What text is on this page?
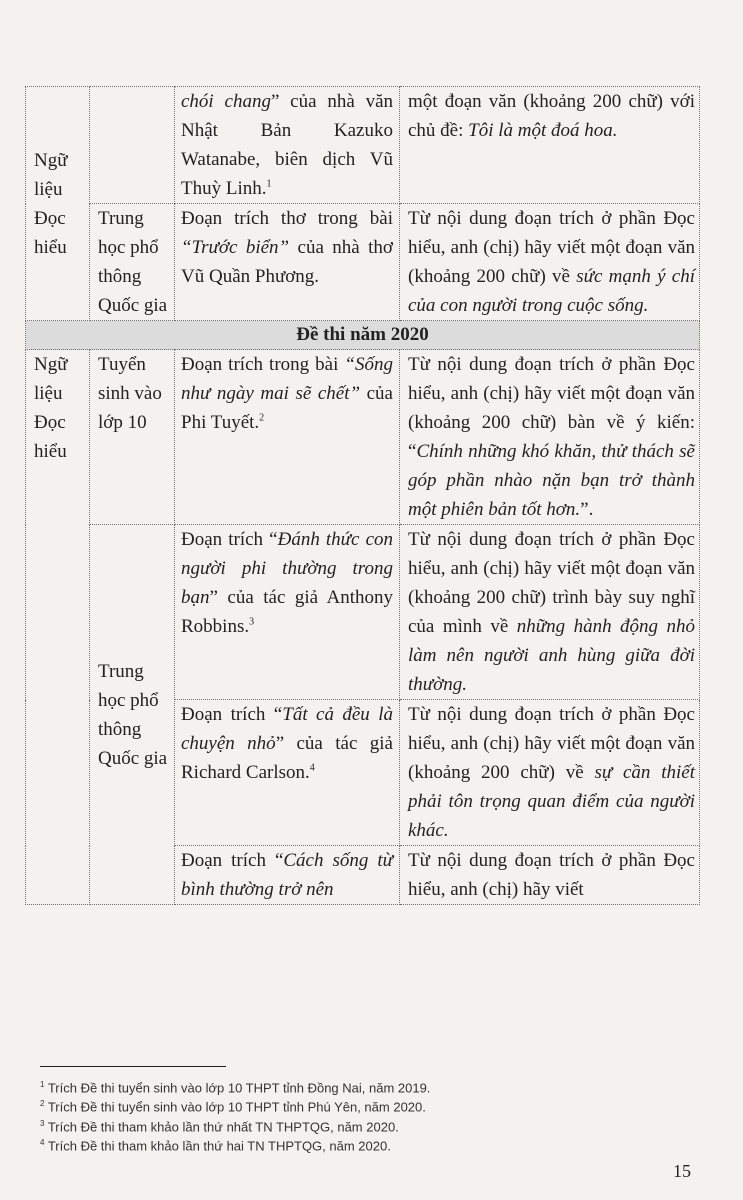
Ngữ liệu Đọc hiểu		chói chang” của nhà văn Nhật Bản Kazuko Watanabe, biên dịch Vũ Thuỳ Linh.$^1$	một đoạn văn (khoảng 200 chữ) với chủ đề: Tôi là một đoá hoa.
	Trung học phổ thông Quốc gia	Đoạn trích thơ trong bài “Trước biển” của nhà thơ Vũ Quần Phương.	Từ nội dung đoạn trích ở phần Đọc hiểu, anh (chị) hãy viết một đoạn văn (khoảng 200 chữ) về sức mạnh ý chí của con người trong cuộc sống.
Đề thi năm 2020			
Ngữ liệu Đọc hiểu	Tuyển sinh vào lớp 10	Đoạn trích trong bài “Sống như ngày mai sẽ chết” của Phi Tuyết.$^2$	Từ nội dung đoạn trích ở phần Đọc hiểu, anh (chị) hãy viết một đoạn văn (khoảng 200 chữ) bàn về ý kiến: “Chính những khó khăn, thử thách sẽ góp phần nhào nặn bạn trở thành một phiên bản tốt hơn.”.
	Trung học phổ thông Quốc gia	Đoạn trích “Đánh thức con người phi thường trong bạn” của tác giả Anthony Robbins.$^3$	Từ nội dung đoạn trích ở phần Đọc hiểu, anh (chị) hãy viết một đoạn văn (khoảng 200 chữ) trình bày suy nghĩ của mình về những hành động nhỏ làm nên người anh hùng giữa đời thường.
		Đoạn trích “Tất cả đều là chuyện nhỏ” của tác giả Richard Carlson.$^4$	Từ nội dung đoạn trích ở phần Đọc hiểu, anh (chị) hãy viết một đoạn văn (khoảng 200 chữ) về sự cần thiết phải tôn trọng quan điểm của người khác.
		Đoạn trích “Cách sống từ bình thường trở nên	Từ nội dung đoạn trích ở phần Đọc hiểu, anh (chị) hãy viết
$^1$ Trích Đề thi tuyển sinh vào lớp 10 THPT tỉnh Đồng Nai, năm 2019.
$^2$ Trích Đề thi tuyển sinh vào lớp 10 THPT tỉnh Phú Yên, năm 2020.
$^3$ Trích Đề thi tham khảo lần thứ nhất TN THPTQG, năm 2020.
$^4$ Trích Đề thi tham khảo lần thứ hai TN THPTQG, năm 2020.
15
